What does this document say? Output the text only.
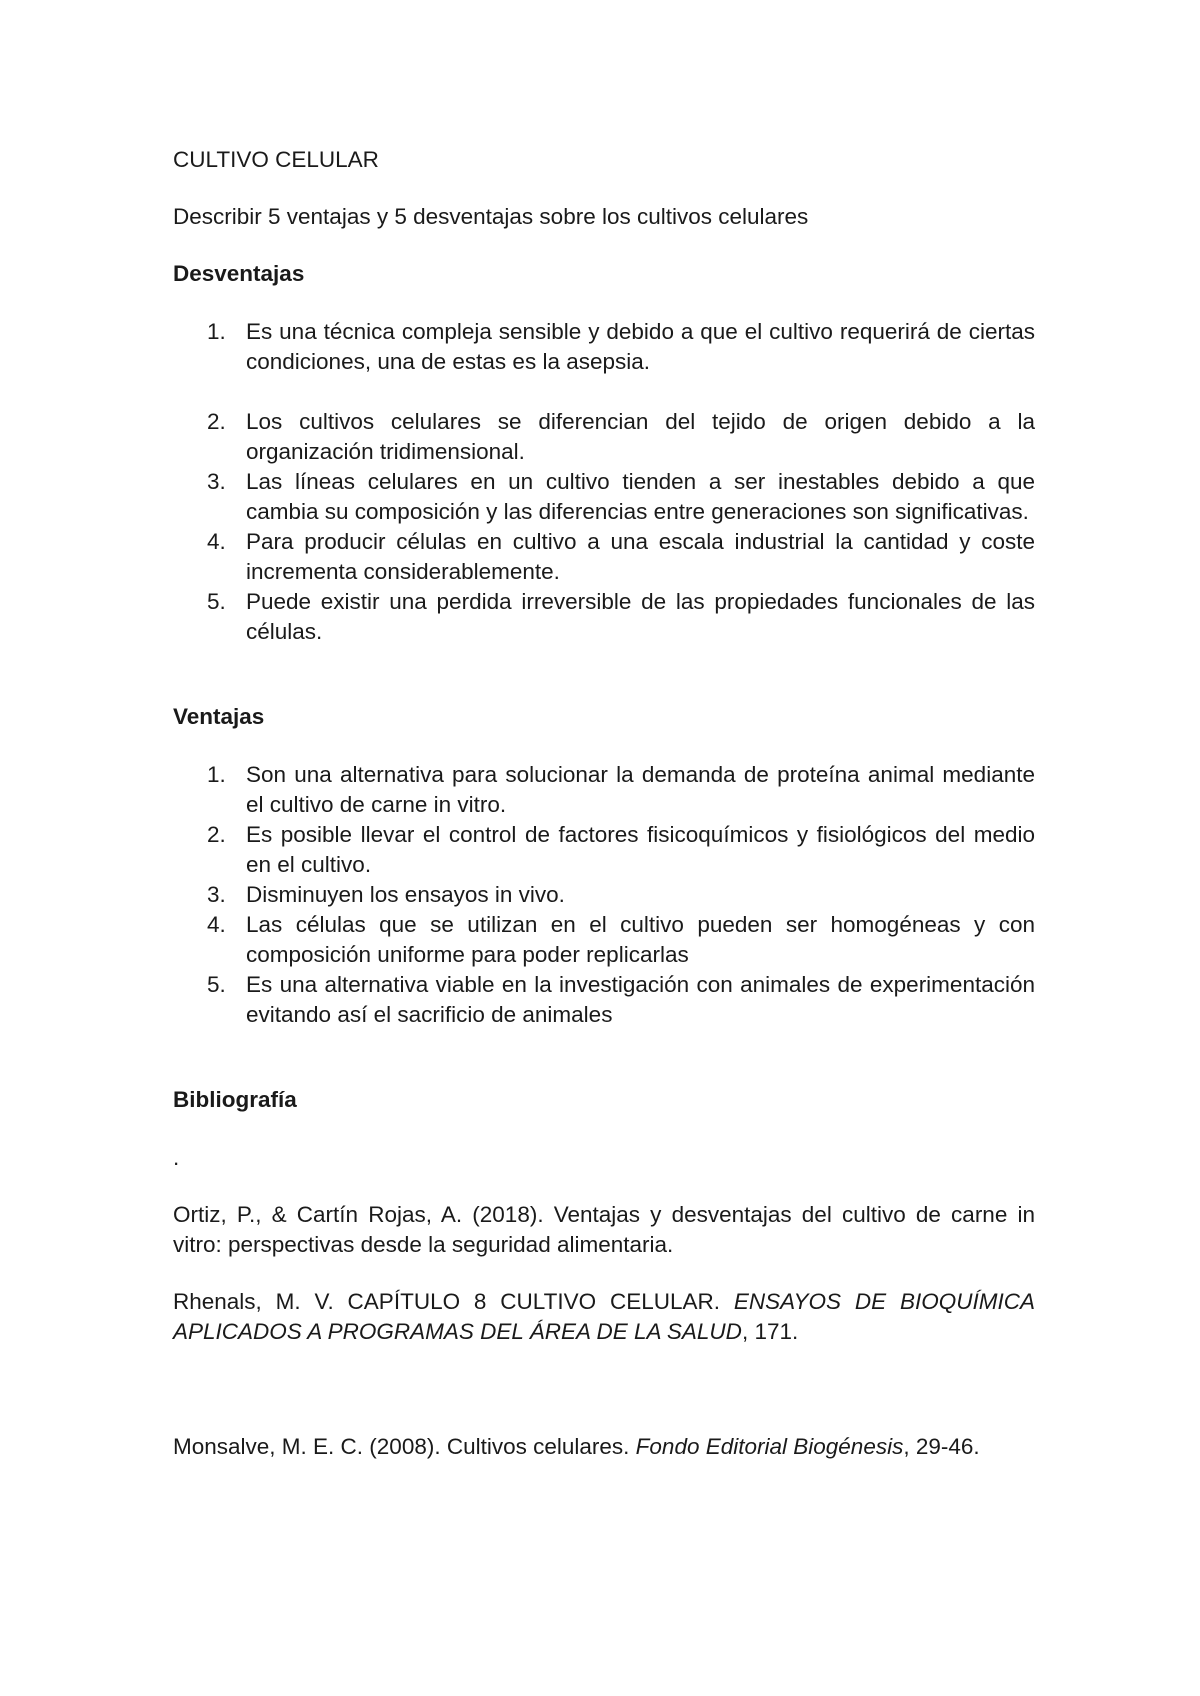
CULTIVO CELULAR

Describir 5 ventajas y 5 desventajas sobre los cultivos celulares

Desventajas

1. Es una técnica compleja sensible y debido a que el cultivo requerirá de ciertas condiciones, una de estas es la asepsia.
2. Los cultivos celulares se diferencian del tejido de origen debido a la organización tridimensional.
3. Las líneas celulares en un cultivo tienden a ser inestables debido a que cambia su composición y las diferencias entre generaciones son significativas.
4. Para producir células en cultivo a una escala industrial la cantidad y coste incrementa considerablemente.
5. Puede existir una perdida irreversible de las propiedades funcionales de las células.

Ventajas

1. Son una alternativa para solucionar la demanda de proteína animal mediante el cultivo de carne in vitro.
2. Es posible llevar el control de factores fisicoquímicos y fisiológicos del medio en el cultivo.
3. Disminuyen los ensayos in vivo.
4. Las células que se utilizan en el cultivo pueden ser homogéneas y con composición uniforme para poder replicarlas
5. Es una alternativa viable en la investigación con animales de experimentación evitando así el sacrificio de animales

Bibliografía

.

Ortiz, P., & Cartín Rojas, A. (2018). Ventajas y desventajas del cultivo de carne in vitro: perspectivas desde la seguridad alimentaria.

Rhenals, M. V. CAPÍTULO 8 CULTIVO CELULAR. ENSAYOS DE BIOQUÍMICA APLICADOS A PROGRAMAS DEL ÁREA DE LA SALUD, 171.

Monsalve, M. E. C. (2008). Cultivos celulares. Fondo Editorial Biogénesis, 29-46.
